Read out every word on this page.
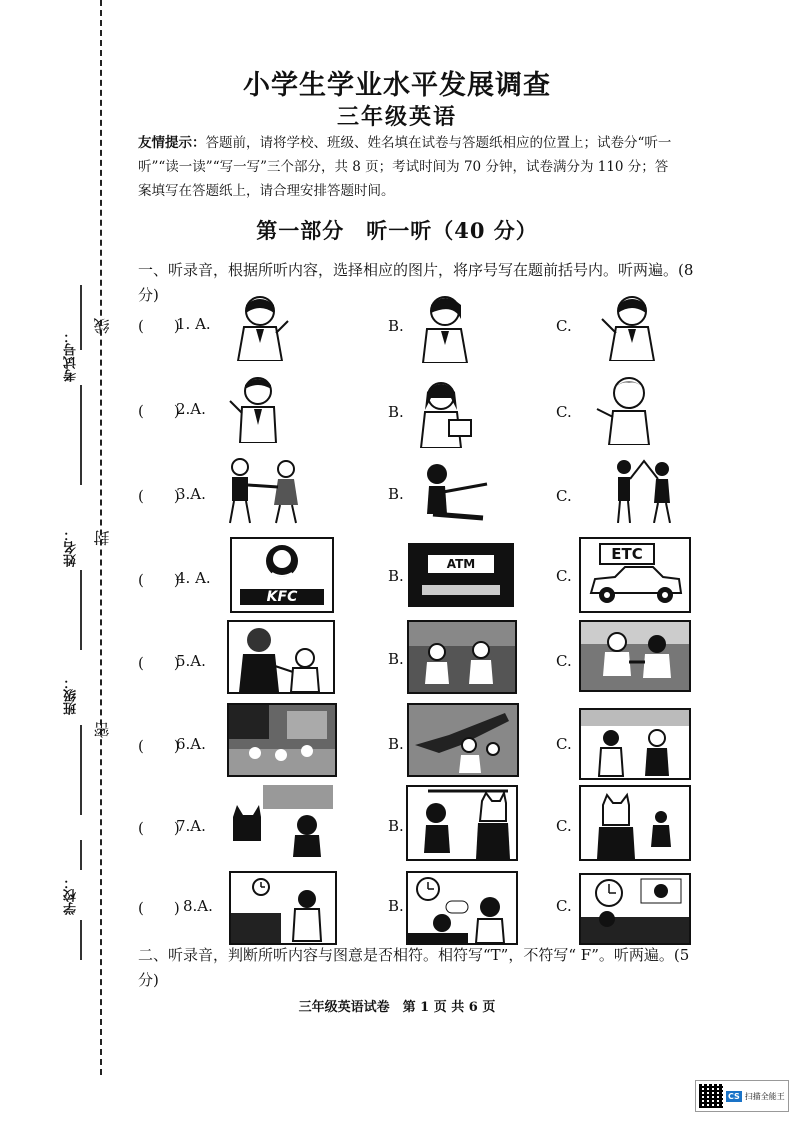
考试号：
线
姓名： 封
班级：
密
学校：
小学生学业水平发展调查
三年级英语
友情提示：答题前，请将学校、班级、姓名填在试卷与答题纸相应的位置上；试卷分“听一听”“读一读”“写一写”三个部分，共 8 页；考试时间为 70 分钟，试卷满分为 110 分；答案填写在答题纸上，请合理安排答题时间。
第一部分　听一听（40 分）
一、听录音，根据所听内容，选择相应的图片，将序号写在题前括号内。听两遍。(8 分)
(　　)
1. A.	B.	C.
(　　)
2.A.	B.	C.
(　　)
3.A.	B.	C.
(　　)
4. A.
KFC
B.
ATM
C.
ETC
(　　)
5.A.	B.	C.
(　　)
6.A.	B.	C.
(　　)
7.A.	B.	C.
(　　) 8.A.	B.	C.
二、听录音，判断所听内容与图意是否相符。相符写“T”，不符写“ F”。听两遍。(5 分)
三年级英语试卷　第 1 页 共 6 页
CS 扫描全能王
